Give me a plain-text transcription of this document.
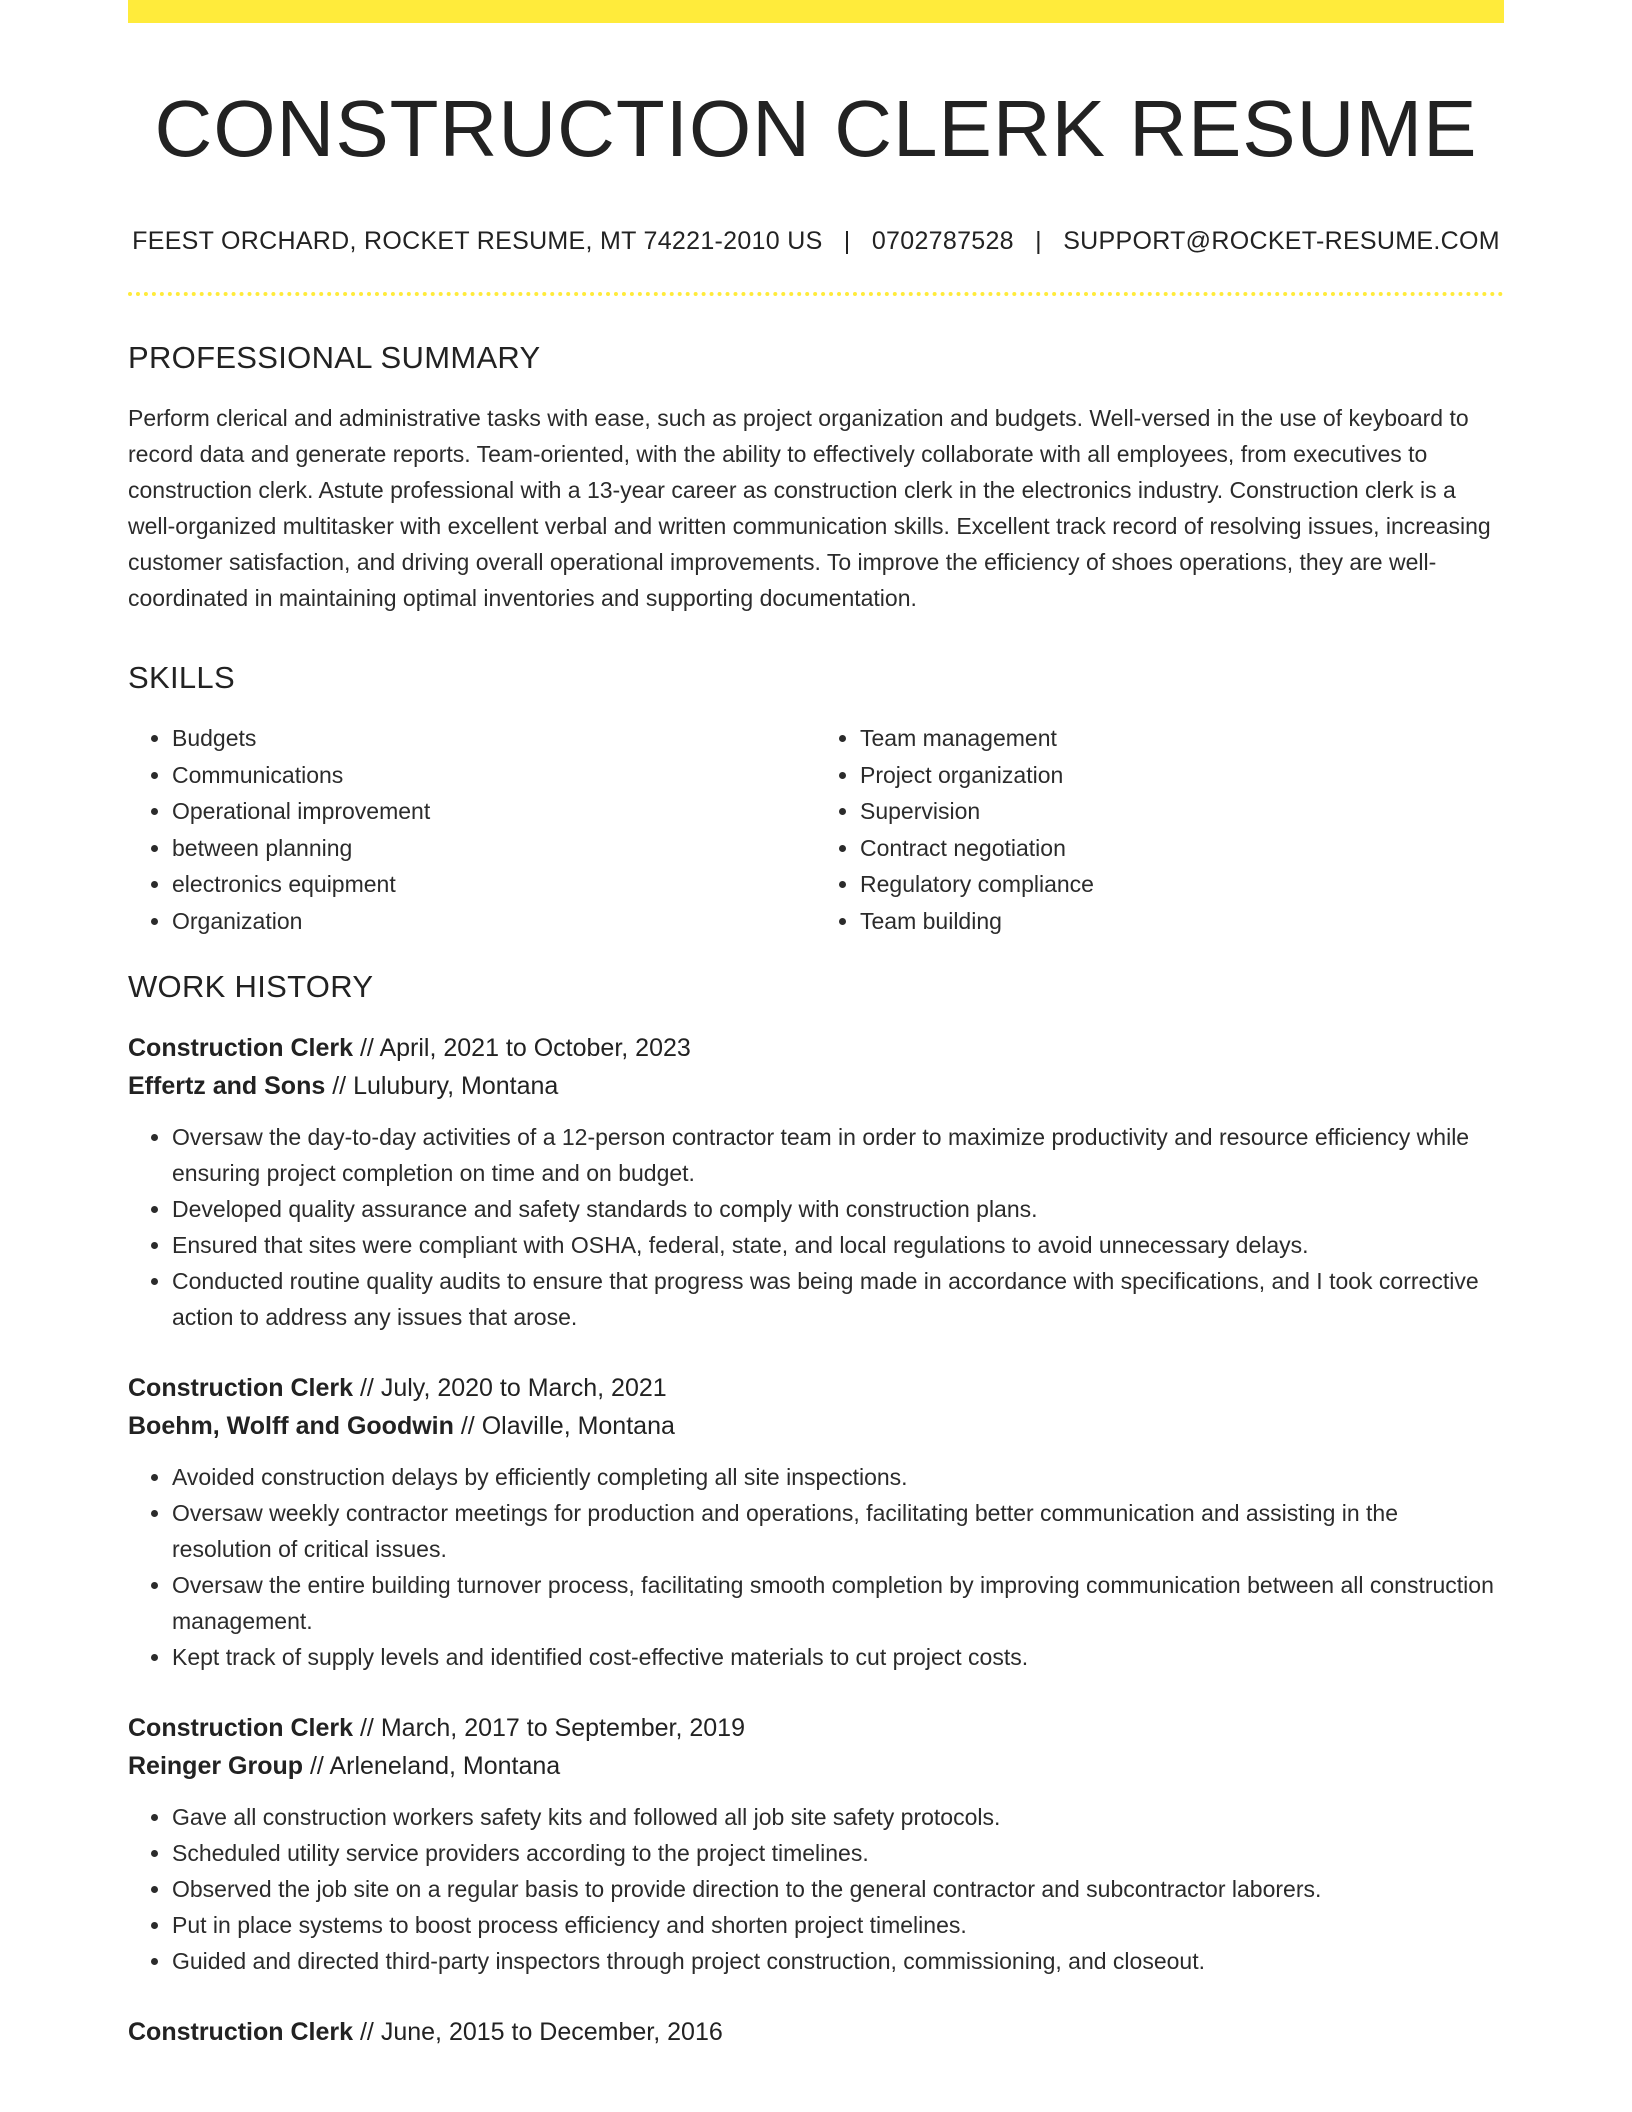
CONSTRUCTION CLERK RESUME
FEEST ORCHARD, ROCKET RESUME, MT 74221-2010 US | 0702787528 | SUPPORT@ROCKET-RESUME.COM
PROFESSIONAL SUMMARY

Perform clerical and administrative tasks with ease, such as project organization and budgets. Well-versed in the use of keyboard to record data and generate reports. Team-oriented, with the ability to effectively collaborate with all employees, from executives to construction clerk. Astute professional with a 13-year career as construction clerk in the electronics industry. Construction clerk is a well-organized multitasker with excellent verbal and written communication skills. Excellent track record of resolving issues, increasing customer satisfaction, and driving overall operational improvements. To improve the efficiency of shoes operations, they are well-coordinated in maintaining optimal inventories and supporting documentation.

SKILLS
• Budgets
• Communications
• Operational improvement
• between planning
• electronics equipment
• Organization
• Team management
• Project organization
• Supervision
• Contract negotiation
• Regulatory compliance
• Team building
WORK HISTORY
Construction Clerk // April, 2021 to October, 2023
Effertz and Sons // Lulubury, Montana
• Oversaw the day-to-day activities of a 12-person contractor team in order to maximize productivity and resource efficiency while ensuring project completion on time and on budget.
• Developed quality assurance and safety standards to comply with construction plans.
• Ensured that sites were compliant with OSHA, federal, state, and local regulations to avoid unnecessary delays.
• Conducted routine quality audits to ensure that progress was being made in accordance with specifications, and I took corrective action to address any issues that arose.
Construction Clerk // July, 2020 to March, 2021
Boehm, Wolff and Goodwin // Olaville, Montana
• Avoided construction delays by efficiently completing all site inspections.
• Oversaw weekly contractor meetings for production and operations, facilitating better communication and assisting in the resolution of critical issues.
• Oversaw the entire building turnover process, facilitating smooth completion by improving communication between all construction management.
• Kept track of supply levels and identified cost-effective materials to cut project costs.
Construction Clerk // March, 2017 to September, 2019
Reinger Group // Arleneland, Montana
• Gave all construction workers safety kits and followed all job site safety protocols.
• Scheduled utility service providers according to the project timelines.
• Observed the job site on a regular basis to provide direction to the general contractor and subcontractor laborers.
• Put in place systems to boost process efficiency and shorten project timelines.
• Guided and directed third-party inspectors through project construction, commissioning, and closeout.
Construction Clerk // June, 2015 to December, 2016
